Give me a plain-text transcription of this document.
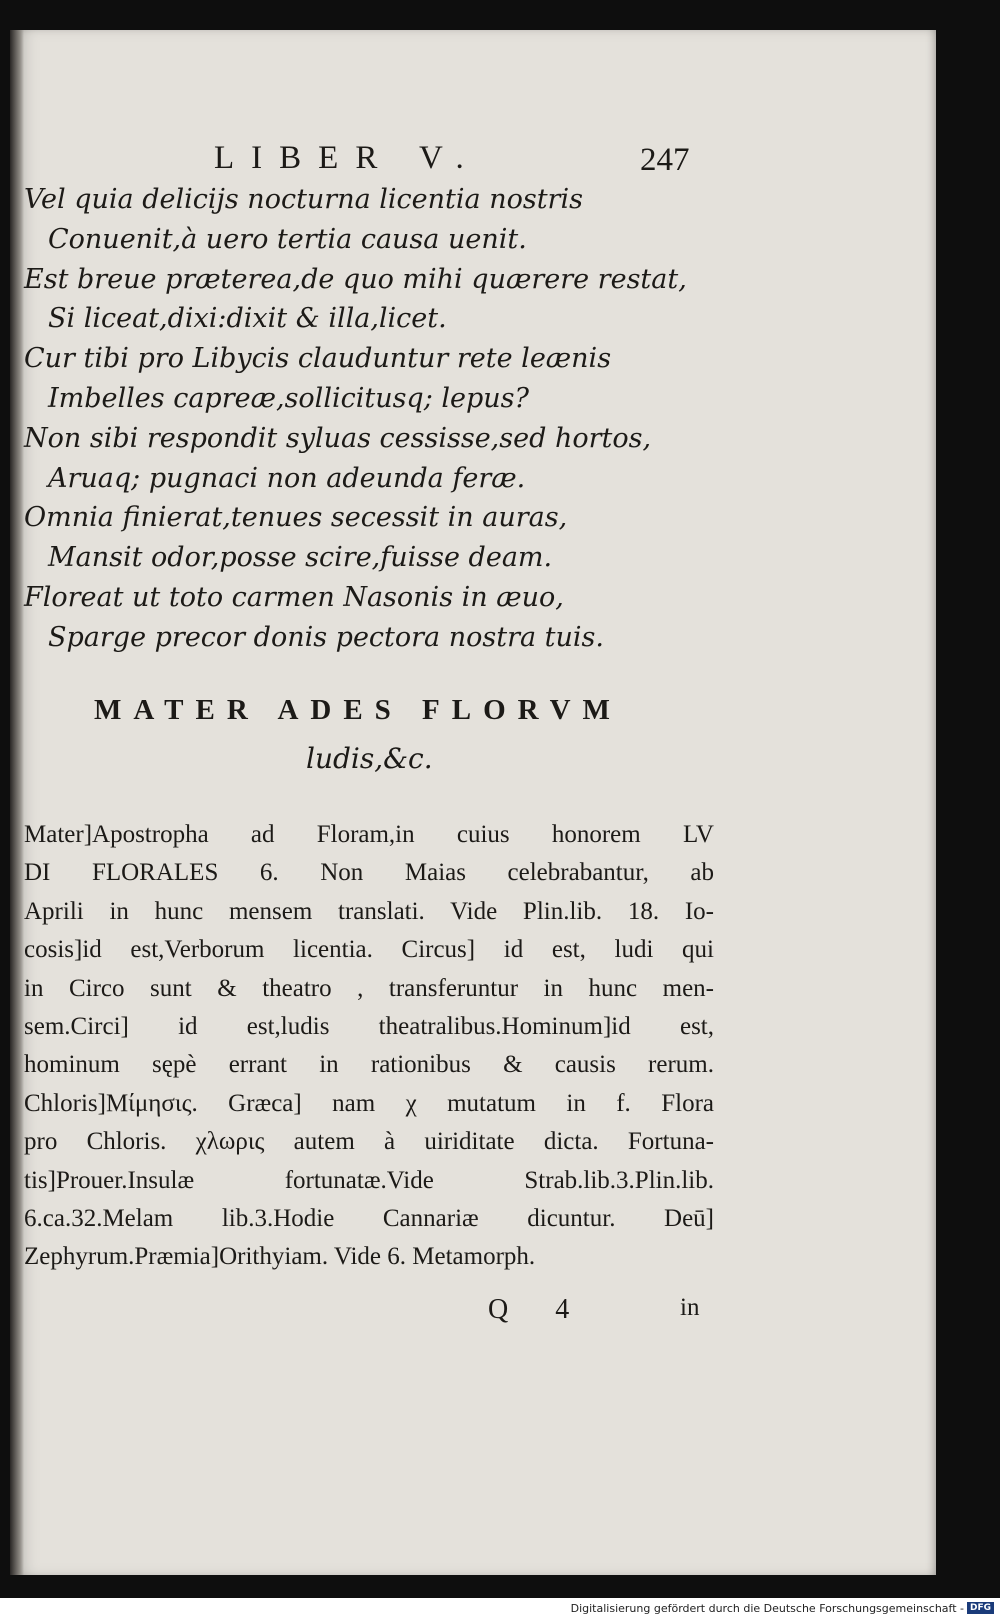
LIBER V.	247
Vel quia delicijs nocturna licentia nostris
Conuenit,à uero tertia causa uenit.
Est breue præterea,de quo mihi quærere restat,
Si liceat,dixi:dixit & illa,licet.
Cur tibi pro Libycis clauduntur rete leænis
Imbelles capreæ,sollicitusq; lepus?
Non sibi respondit syluas cessisse,sed hortos,
Aruaq; pugnaci non adeunda feræ.
Omnia finierat,tenues secessit in auras,
Mansit odor,posse scire,fuisse deam.
Floreat ut toto carmen Nasonis in æuo,
Sparge precor donis pectora nostra tuis.
MATER ADES FLORVM
ludis,&c.
Mater]Apostropha ad Floram,in cuius honorem LV
DI FLORALES 6. Non Maias celebrabantur, ab
Aprili in hunc mensem translati. Vide Plin.lib. 18. Io-
cosis]id est,Verborum licentia. Circus] id est, ludi qui
in Circo sunt & theatro , transferuntur in hunc men-
sem.Circi] id est,ludis theatralibus.Hominum]id est,
hominum sępè errant in rationibus & causis rerum.
Chloris]Μίμησις. Græca] nam χ mutatum in f. Flora
pro Chloris. χλωρις autem à uiriditate dicta. Fortuna-
tis]Prouer.Insulæ fortunatæ.Vide Strab.lib.3.Plin.lib.
6.ca.32.Melam lib.3.Hodie Cannariæ dicuntur. Deū]
Zephyrum.Præmia]Orithyiam. Vide 6. Metamorph.
Q 4	in
Digitalisierung gefördert durch die Deutsche Forschungsgemeinschaft - DFG
